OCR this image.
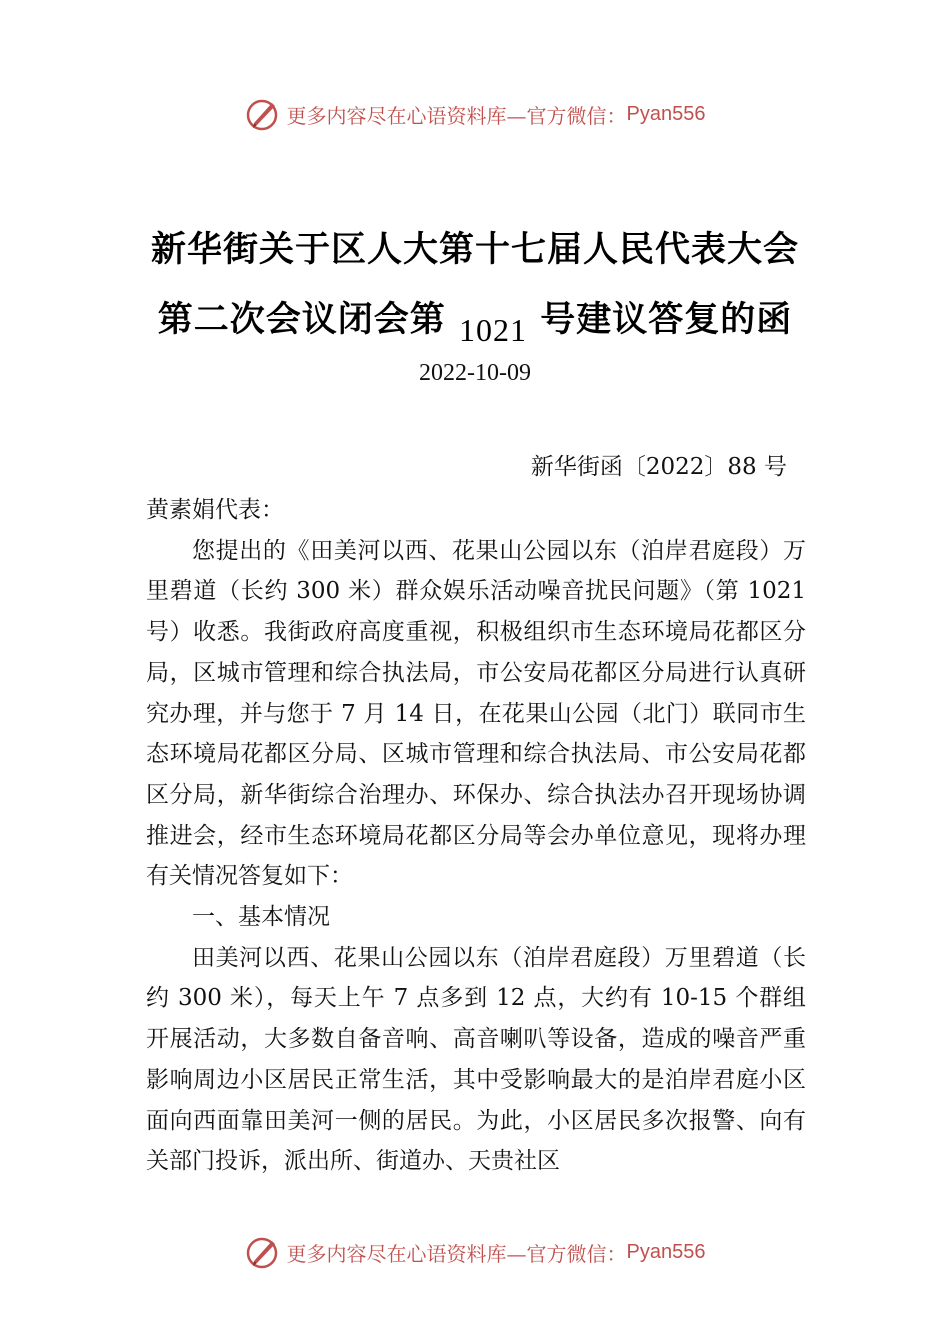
更多内容尽在心语资料库—官方微信： Pyan556
新华街关于区人大第十七届人民代表大会
第二次会议闭会第 1021 号建议答复的函
2022-10-09
新华街函〔2022〕88 号

黄素娟代表：

您提出的《田美河以西、花果山公园以东（泊岸君庭段）万里碧道（长约 300 米）群众娱乐活动噪音扰民问题》（第 1021 号）收悉。我街政府高度重视，积极组织市生态环境局花都区分局，区城市管理和综合执法局，市公安局花都区分局进行认真研究办理，并与您于 7 月 14 日，在花果山公园（北门）联同市生态环境局花都区分局、区城市管理和综合执法局、市公安局花都区分局，新华街综合治理办、环保办、综合执法办召开现场协调推进会，经市生态环境局花都区分局等会办单位意见，现将办理有关情况答复如下：

一、基本情况

田美河以西、花果山公园以东（泊岸君庭段）万里碧道（长约 300 米），每天上午 7 点多到 12 点，大约有 10-15 个群组开展活动，大多数自备音响、高音喇叭等设备，造成的噪音严重影响周边小区居民正常生活，其中受影响最大的是泊岸君庭小区面向西面靠田美河一侧的居民。为此，小区居民多次报警、向有关部门投诉，派出所、街道办、天贵社区

更多内容尽在心语资料库—官方微信： Pyan556
